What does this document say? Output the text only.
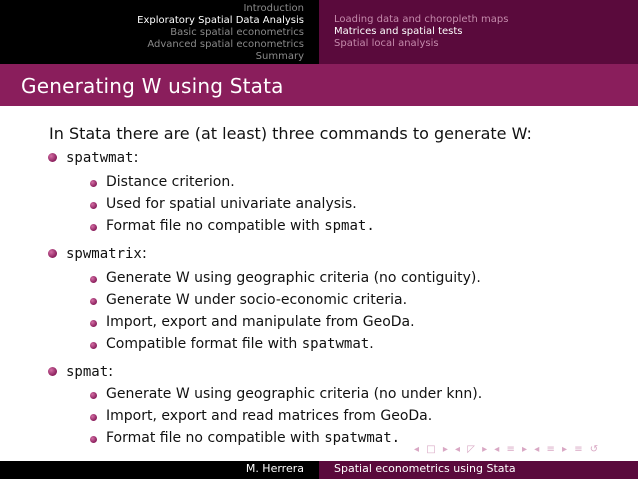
Introduction
Exploratory Spatial Data Analysis
Basic spatial econometrics
Advanced spatial econometrics
Summary
Loading data and choropleth maps
Matrices and spatial tests
Spatial local analysis
Generating W using Stata
In Stata there are (at least) three commands to generate W:
spatwmat:
Distance criterion.
Used for spatial univariate analysis.
Format file no compatible with spmat.
spwmatrix:
Generate W using geographic criteria (no contiguity).
Generate W under socio-economic criteria.
Import, export and manipulate from GeoDa.
Compatible format file with spatwmat.
spmat:
Generate W using geographic criteria (no under knn).
Import, export and read matrices from GeoDa.
Format file no compatible with spatwmat.
◂ □ ▸ ◂ ◸ ▸ ◂ ≡ ▸ ◂ ≡ ▸ ≡ ↺
M. Herrera	Spatial econometrics using Stata
